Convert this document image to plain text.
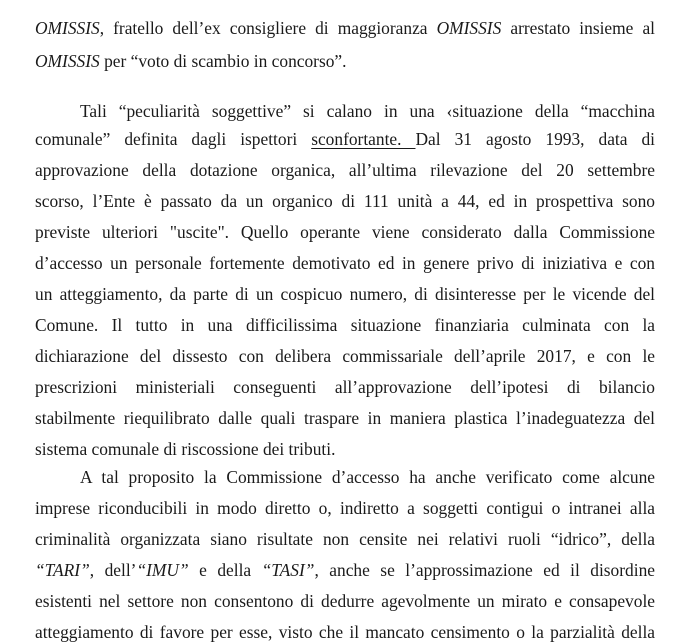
OMISSIS, fratello dell’ex consigliere di maggioranza OMISSIS arrestato insieme al
OMISSIS per “voto di scambio in concorso”.
Tali “peculiarità soggettive” si calano in una ‹situazione della “macchina
comunale” definita dagli ispettori sconfortante. Dal 31 agosto 1993, data di
approvazione della dotazione organica, all’ultima rilevazione del 20 settembre
scorso, l’Ente è passato da un organico di 111 unità a 44, ed in prospettiva sono
previste ulteriori "uscite". Quello operante viene considerato dalla Commissione
d’accesso un personale fortemente demotivato ed in genere privo di iniziativa e con
un atteggiamento, da parte di un cospicuo numero, di disinteresse per le vicende del
Comune. Il tutto in una difficilissima situazione finanziaria culminata con la
dichiarazione del dissesto con delibera commissariale dell’aprile 2017, e con le
prescrizioni ministeriali conseguenti all’approvazione dell’ipotesi di bilancio
stabilmente riequilibrato dalle quali traspare in maniera plastica l’inadeguatezza del
sistema comunale di riscossione dei tributi.
A tal proposito la Commissione d’accesso ha anche verificato come alcune
imprese riconducibili in modo diretto o, indiretto a soggetti contigui o intranei alla
criminalità organizzata siano risultate non censite nei relativi ruoli “idrico”, della
“TARI”, dell’“IMU” e della “TASI”, anche se l’approssimazione ed il disordine
esistenti nel settore non consentono di dedurre agevolmente un mirato e consapevole
atteggiamento di favore per esse, visto che il mancato censimento o la parzialità della
